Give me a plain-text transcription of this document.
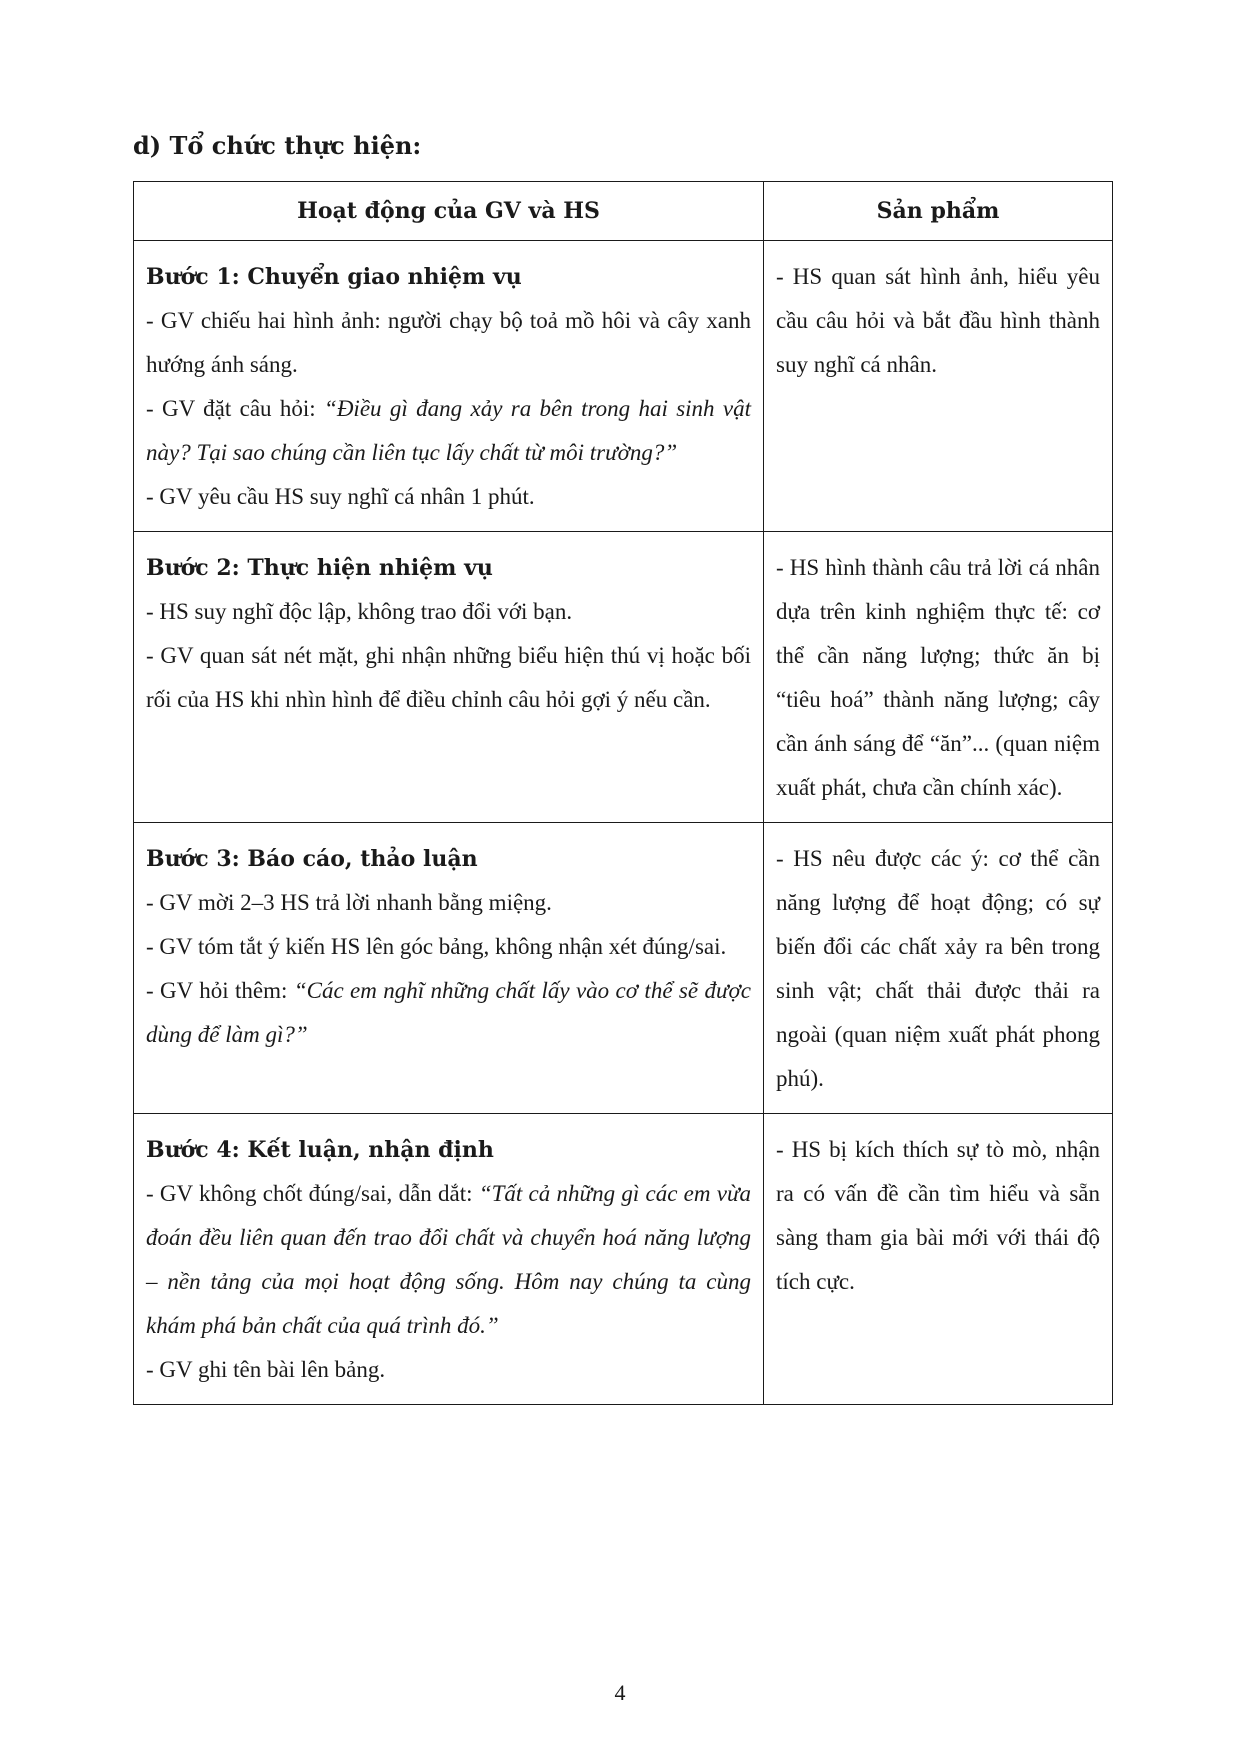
d) Tổ chức thực hiện:
Hoạt động của GV và HS	Sản phẩm

Bước 1: Chuyển giao nhiệm vụ
- GV chiếu hai hình ảnh: người chạy bộ toả mồ hôi và cây xanh hướng ánh sáng.
- GV đặt câu hỏi: “Điều gì đang xảy ra bên trong hai sinh vật này? Tại sao chúng cần liên tục lấy chất từ môi trường?”
- GV yêu cầu HS suy nghĩ cá nhân 1 phút.	- HS quan sát hình ảnh, hiểu yêu cầu câu hỏi và bắt đầu hình thành suy nghĩ cá nhân.

Bước 2: Thực hiện nhiệm vụ
- HS suy nghĩ độc lập, không trao đổi với bạn.
- GV quan sát nét mặt, ghi nhận những biểu hiện thú vị hoặc bối rối của HS khi nhìn hình để điều chỉnh câu hỏi gợi ý nếu cần.	- HS hình thành câu trả lời cá nhân dựa trên kinh nghiệm thực tế: cơ thể cần năng lượng; thức ăn bị “tiêu hoá” thành năng lượng; cây cần ánh sáng để “ăn”... (quan niệm xuất phát, chưa cần chính xác).

Bước 3: Báo cáo, thảo luận
- GV mời 2–3 HS trả lời nhanh bằng miệng.
- GV tóm tắt ý kiến HS lên góc bảng, không nhận xét đúng/sai.
- GV hỏi thêm: “Các em nghĩ những chất lấy vào cơ thể sẽ được dùng để làm gì?”	- HS nêu được các ý: cơ thể cần năng lượng để hoạt động; có sự biến đổi các chất xảy ra bên trong sinh vật; chất thải được thải ra ngoài (quan niệm xuất phát phong phú).

Bước 4: Kết luận, nhận định
- GV không chốt đúng/sai, dẫn dắt: “Tất cả những gì các em vừa đoán đều liên quan đến trao đổi chất và chuyển hoá năng lượng – nền tảng của mọi hoạt động sống. Hôm nay chúng ta cùng khám phá bản chất của quá trình đó.”
- GV ghi tên bài lên bảng.	- HS bị kích thích sự tò mò, nhận ra có vấn đề cần tìm hiểu và sẵn sàng tham gia bài mới với thái độ tích cực.
4
